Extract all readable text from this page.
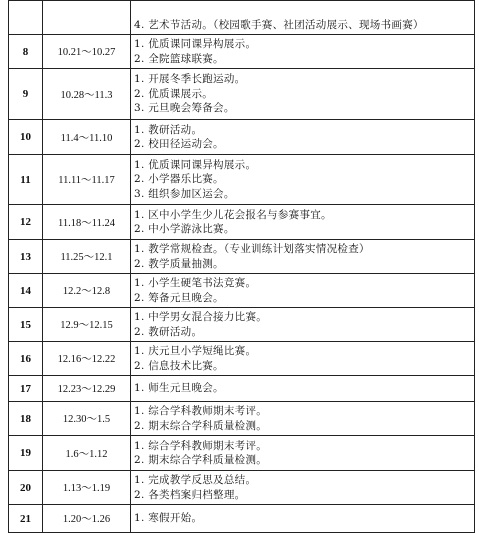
		4. 艺术节活动。（校园歌手赛、社团活动展示、现场书画赛）

8	10.21～10.27	1. 优质课同课异构展示。
2. 全院篮球联赛。

9	10.28～11.3	1. 开展冬季长跑运动。
2. 优质课展示。
3. 元旦晚会筹备会。

10	11.4～11.10	1. 教研活动。
2. 校田径运动会。

11	11.11～11.17	1. 优质课同课异构展示。
2. 小学器乐比赛。
3. 组织参加区运会。

12	11.18～11.24	1. 区中小学生少儿花会报名与参赛事宜。
2. 中小学游泳比赛。

13	11.25～12.1	1. 教学常规检查。（专业训练计划落实情况检查）
2. 教学质量抽测。

14	12.2～12.8	1. 小学生硬笔书法竞赛。
2. 筹备元旦晚会。

15	12.9～12.15	1. 中学男女混合接力比赛。
2. 教研活动。

16	12.16～12.22	1. 庆元旦小学短绳比赛。
2. 信息技术比赛。

17	12.23～12.29	1. 师生元旦晚会。

18	12.30～1.5	1. 综合学科教师期末考评。
2. 期末综合学科质量检测。

19	1.6～1.12	1. 综合学科教师期末考评。
2. 期末综合学科质量检测。

20	1.13～1.19	1. 完成教学反思及总结。
2. 各类档案归档整理。

21	1.20～1.26	1. 寒假开始。
